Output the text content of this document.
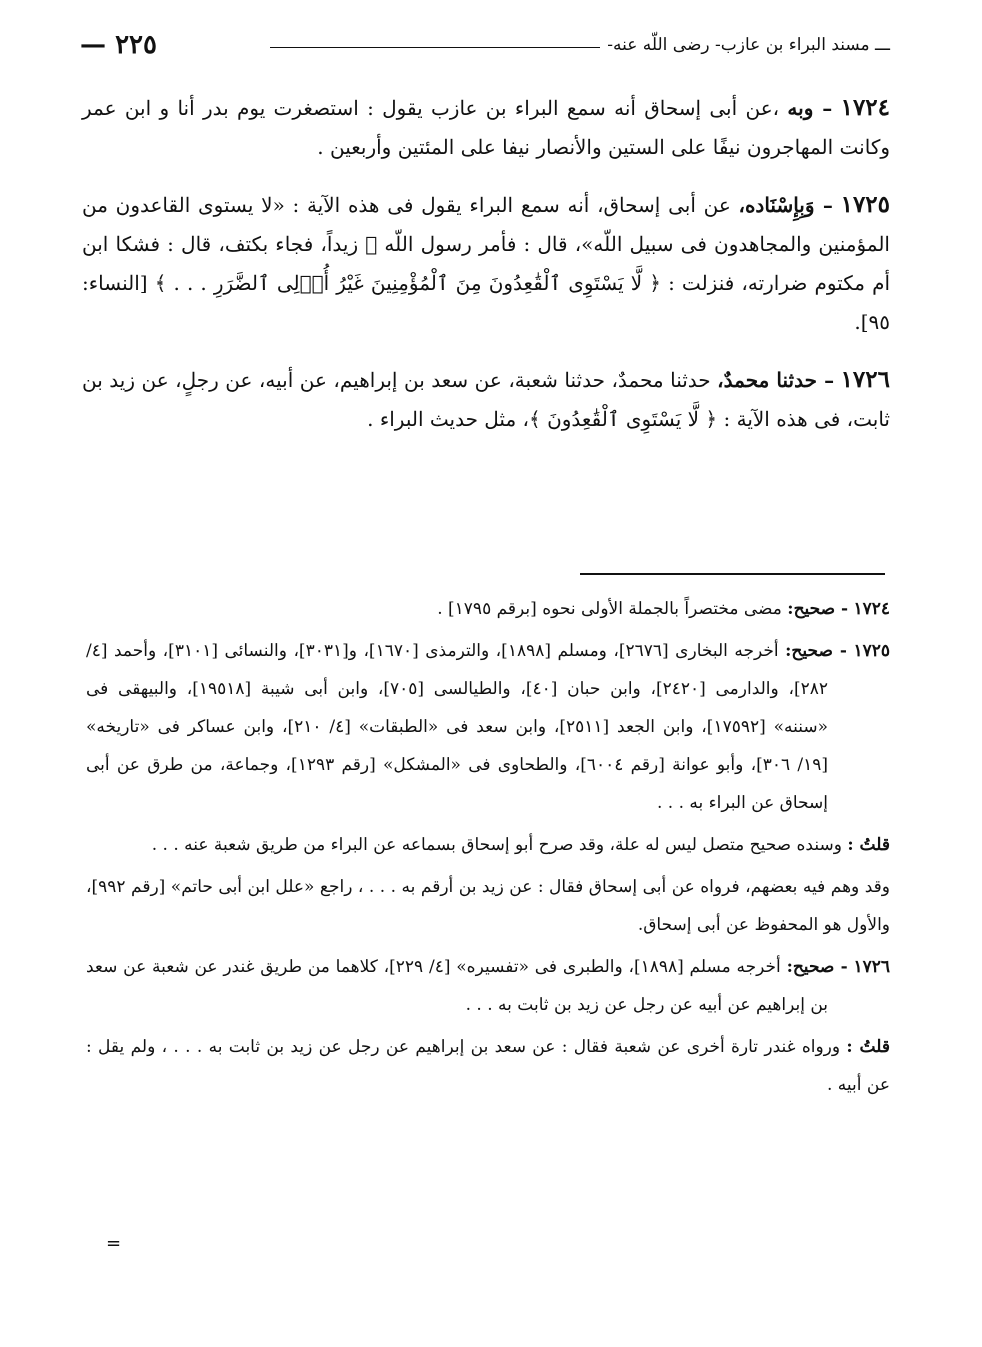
ـــ مسند البراء بن عازب- رضى اللّه عنه-
٢٢٥ —

١٧٢٤ – وبه ،عن أبى إسحاق أنه سمع البراء بن عازب يقول : استصغرت يوم بدر أنا و ابن عمر وكانت المهاجرون نيفًا على الستين والأنصار نيفا على المئتين وأربعين .

١٧٢٥ – وَبِإِسْنَاده، عن أبى إسحاق، أنه سمع البراء يقول فى هذه الآية : «لا يستوى القاعدون من المؤمنين والمجاهدون فى سبيل اللّه»، قال : فأمر رسول اللّه ﷺ زيداً، فجاء بكتف، قال : فشكا ابن أم مكتوم ضرارته، فنزلت : ﴿ لَّا يَسْتَوِى ٱلْقَٰعِدُونَ مِنَ ٱلْمُؤْمِنِينَ غَيْرُ أُو۟لِى ٱلضَّرَرِ . . . ﴾ [النساء: ٩٥].

١٧٢٦ – حدثنا محمدٌ، حدثنا محمدٌ، حدثنا شعبة، عن سعد بن إبراهيم، عن أبيه، عن رجلٍ، عن زيد بن ثابت، فى هذه الآية : ﴿ لَّا يَسْتَوِى ٱلْقَٰعِدُونَ ﴾، مثل حديث البراء .

١٧٢٤ - صحيح: مضى مختصراً بالجملة الأولى نحوه [برقم ١٧٩٥] .

١٧٢٥ - صحيح: أخرجه البخارى [٢٦٧٦]، ومسلم [١٨٩٨]، والترمذى [١٦٧٠]، و[٣٠٣١]، والنسائى [٣١٠١]، وأحمد [٤/ ٢٨٢]، والدارمى [٢٤٢٠]، وابن حبان [٤٠]، والطيالسى [٧٠٥]، وابن أبى شيبة [١٩٥١٨]، والبيهقى فى «سننه» [١٧٥٩٢]، وابن الجعد [٢٥١١]، وابن سعد فى «الطبقات» [٤/ ٢١٠]، وابن عساكر فى «تاريخه» [١٩/ ٣٠٦]، وأبو عوانة [رقم ٦٠٠٤]، والطحاوى فى «المشكل» [رقم ١٢٩٣]، وجماعة، من طرق عن أبى إسحاق عن البراء به . . .

قلتُ : وسنده صحيح متصل ليس له علة، وقد صرح أبو إسحاق بسماعه عن البراء من طريق شعبة عنه . . .

وقد وهم فيه بعضهم، فرواه عن أبى إسحاق فقال : عن زيد بن أرقم به . . . ، راجع «علل ابن أبى حاتم» [رقم ٩٩٢]، والأول هو المحفوظ عن أبى إسحاق.

١٧٢٦ - صحيح: أخرجه مسلم [١٨٩٨]، والطبرى فى «تفسيره» [٤/ ٢٢٩]، كلاهما من طريق غندر عن شعبة عن سعد بن إبراهيم عن أبيه عن رجل عن زيد بن ثابت به . . .

قلتُ : ورواه غندر تارة أخرى عن شعبة فقال : عن سعد بن إبراهيم عن رجل عن زيد بن ثابت به . . . ، ولم يقل : عن أبيه .

=
